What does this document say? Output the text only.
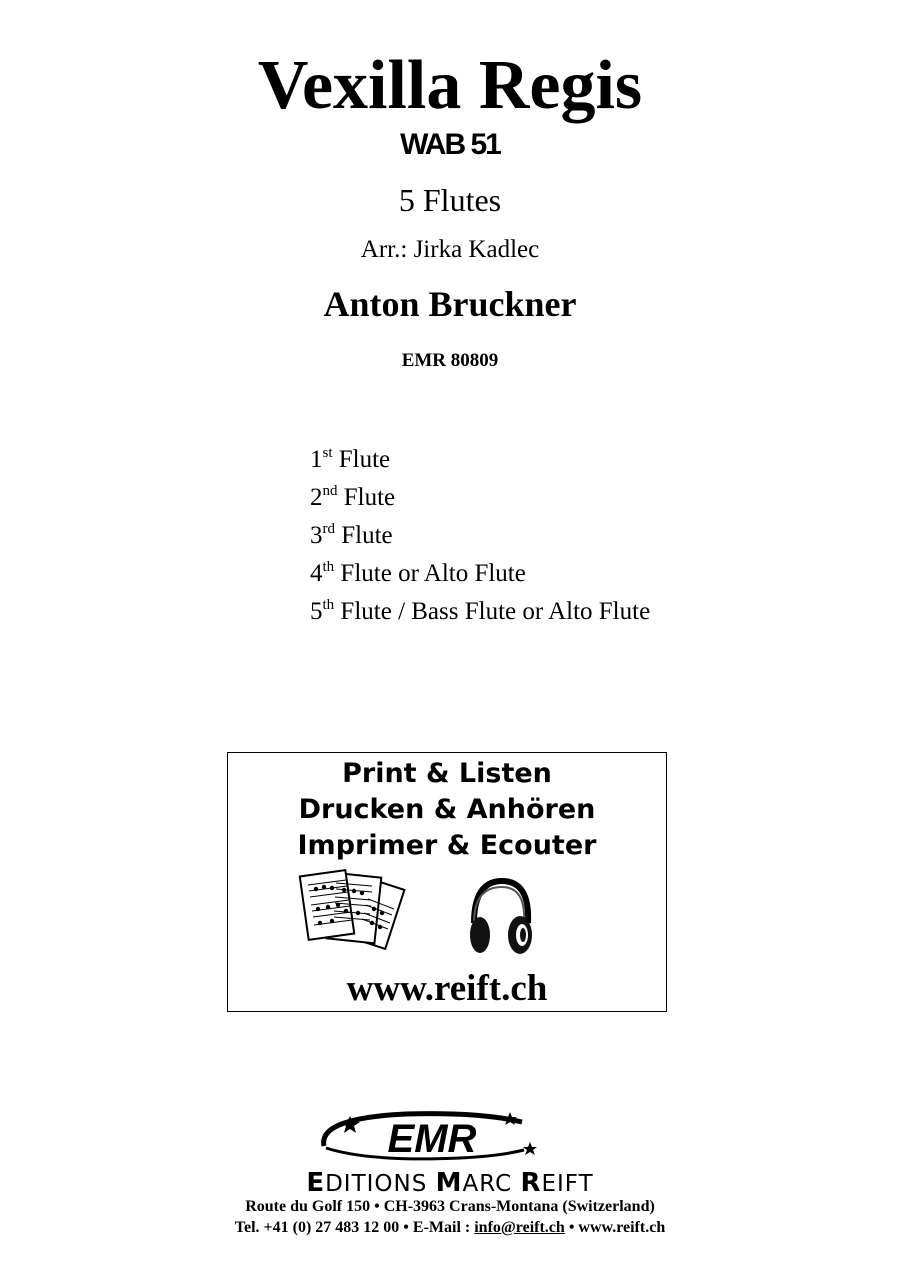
Vexilla Regis
WAB 51
5 Flutes
Arr.: Jirka Kadlec
Anton Bruckner
EMR 80809
1st Flute
2nd Flute
3rd Flute
4th Flute or Alto Flute
5th Flute / Bass Flute or Alto Flute
Print & Listen
Drucken & Anhören
Imprimer & Ecouter
www.reift.ch
EMR
EDITIONS MARC REIFT
Route du Golf 150 • CH-3963 Crans-Montana (Switzerland)
Tel. +41 (0) 27 483 12 00 • E-Mail : info@reift.ch • www.reift.ch
